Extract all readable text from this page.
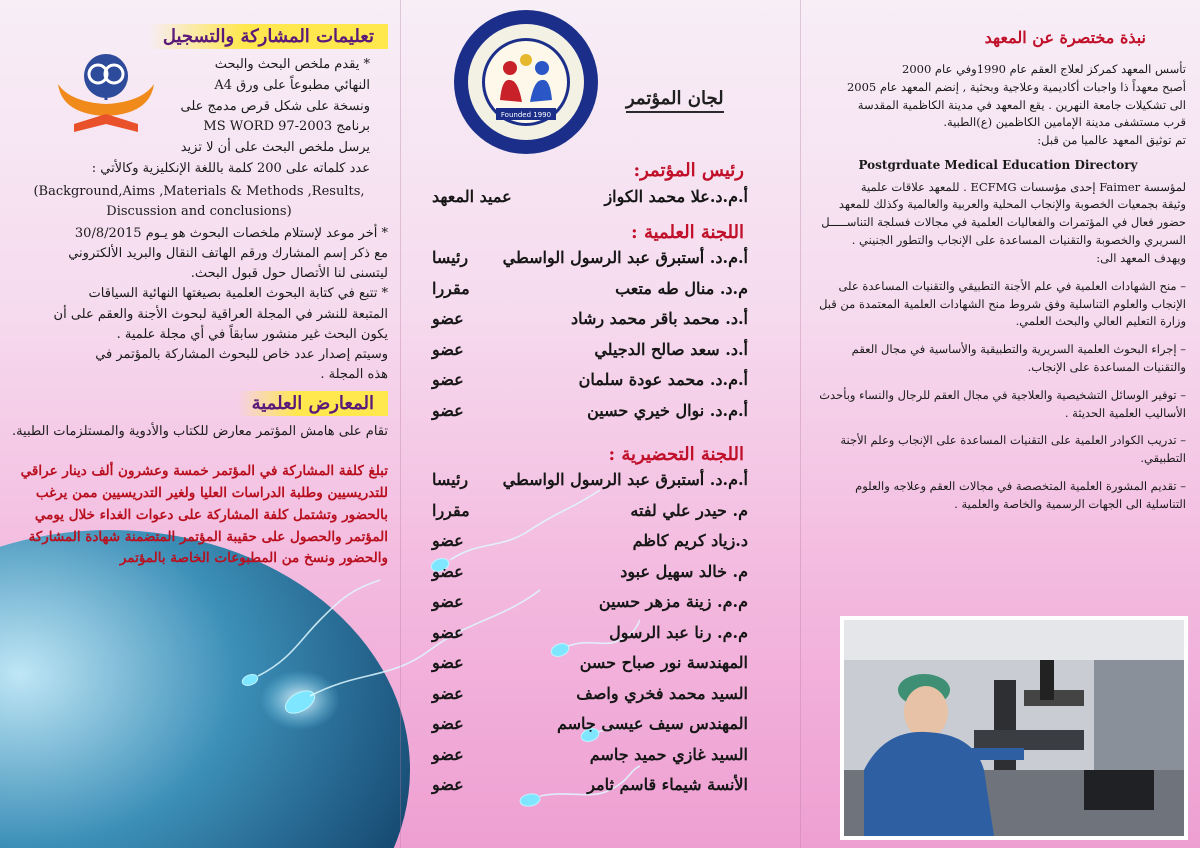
نبذة مختصرة عن المعهد

تأسس المعهد كمركز لعلاج العقم عام 1990وفي عام 2000

أصبح معهداً ذا واجبات أكاديمية وعلاجية وبحثية , إنضم المعهد عام 2005

الى تشكيلات جامعة النهرين . يقع المعهد في مدينة الكاظمية المقدسة

قرب مستشفى مدينة الإمامين الكاظمين (ع)الطبية.

تم توثيق المعهد عالميا من قبل:

Postgrduate Medical Education Directory

لمؤسسة Faimer إحدى مؤسسات ECFMG . للمعهد علاقات علمية

وثيقة بجمعيات الخصوبة والإنجاب المحلية والعربية والعالمية وكذلك للمعهد

حضور فعال في المؤتمرات والفعاليات العلمية في مجالات فسلجة التناســـــل

السريري والخصوبة والتقنيات المساعدة على الإنجاب والتطور الجنيني .

ويهدف المعهد الى:

– منح الشهادات العلمية في علم الأجنة التطبيقي والتقنيات المساعدة على الإنجاب والعلوم التناسلية وفق شروط منح الشهادات العلمية المعتمدة من قبل وزارة التعليم العالي والبحث العلمي.

– إجراء البحوث العلمية السريرية والتطبيقية والأساسية في مجال العقم والتقنيات المساعدة على الإنجاب.

– توفير الوسائل التشخيصية والعلاجية في مجال العقم للرجال والنساء وبأحدث الأساليب العلمية الحديثة .

– تدريب الكوادر العلمية على التقنيات المساعدة على الإنجاب وعلم الأجنة التطبيقي.

– تقديم المشورة العلمية المتخصصة في مجالات العقم وعلاجه والعلوم التناسلية الى الجهات الرسمية والخاصة والعلمية .

Founded 1990
لجان المؤتمر
رئيس المؤتمر:
أ.م.د.علا محمد الكواز
عميد المعهد
اللجنة العلمية :
أ.م.د. أستبرق عبد الرسول الواسطي
رئيسا
م.د. منال طه متعب
مقررا
أ.د. محمد باقر محمد رشاد
عضو
أ.د. سعد صالح الدجيلي
عضو
أ.م.د. محمد عودة سلمان
عضو
أ.م.د. نوال خيري حسين
عضو
اللجنة التحضيرية :
أ.م.د. أستبرق عبد الرسول الواسطي
رئيسا
م. حيدر علي لفته
مقررا
د.زياد كريم كاظم
عضو
م. خالد سهيل عبود
عضو
م.م. زينة مزهر حسين
عضو
م.م. رنا عبد الرسول
عضو
المهندسة نور صباح حسن
عضو
السيد محمد فخري واصف
عضو
المهندس سيف عيسى جاسم
عضو
السيد غازي حميد جاسم
عضو
الأنسة شيماء قاسم ثامر
عضو
تعليمات المشاركة والتسجيل

* يقدم ملخص البحث والبحث

النهائي مطبوعاً على ورق A4

ونسخة على شكل قرص مدمج على

برنامج MS WORD 97-2003

يرسل ملخص البحث على أن لا تزيد

عدد كلماته على 200 كلمة باللغة الإنكليزية وكالأتي :

(Background,Aims ,Materials & Methods ,Results, Discussion and conclusions)

* أخر موعد لإستلام ملخصات البحوث هو يـوم 30/8/2015

مع ذكر إسم المشارك ورقم الهاتف النقال والبريد الألكتروني

ليتسنى لنا الأتصال حول قبول البحث.

* تتبع في كتابة البحوث العلمية بصيغتها النهائية السياقات

المتبعة للنشر في المجلة العراقية لبحوث الأجنة والعقم على أن

يكون البحث غير منشور سابقاً في أي مجلة علمية .

وسيتم إصدار عدد خاص للبحوث المشاركة بالمؤتمر في

هذه المجلة .

المعارض العلمية

تقام على هامش المؤتمر معارض للكتاب والأدوية والمستلزمات الطبية.

تبلغ كلفة المشاركة في المؤتمر خمسة وعشرون ألف دينار عراقي للتدريسيين وطلبة الدراسات العليا ولغير التدريسيين ممن يرغب بالحضور وتشتمل كلفة المشاركة على دعوات الغداء خلال يومي المؤتمر والحصول على حقيبة المؤتمر المتضمنة شهادة المشاركة والحضور ونسخ من المطبوعات الخاصة بالمؤتمر
